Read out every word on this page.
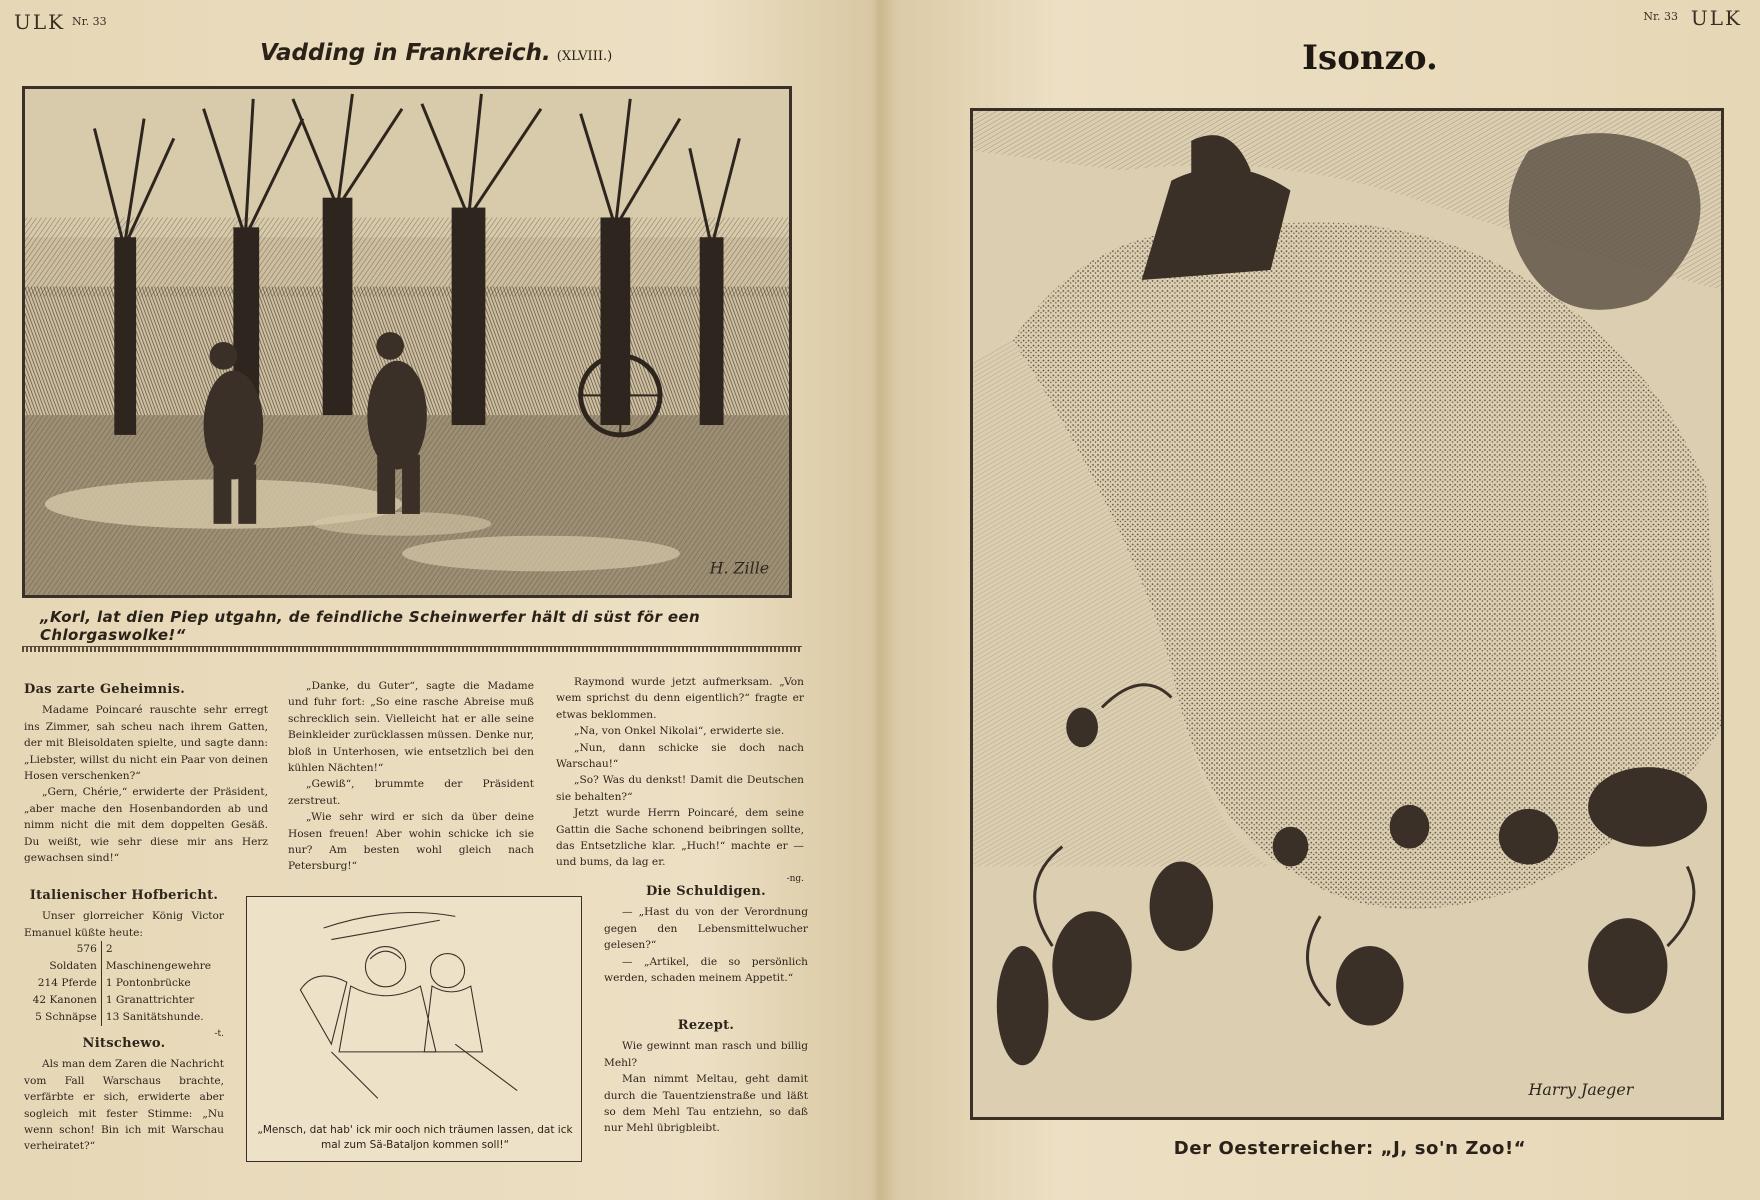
ULK Nr. 33
Vadding in Frankreich. (XLVIII.)
H. Zille
„Korl, lat dien Piep utgahn, de feindliche Scheinwerfer hält di süst för een Chlorgaswolke!“
Das zarte Geheimnis.

Madame Poincaré rauschte sehr erregt ins Zimmer, sah scheu nach ihrem Gatten, der mit Bleisoldaten spielte, und sagte dann: „Liebster, willst du nicht ein Paar von deinen Hosen verschenken?“

„Gern, Chérie,“ erwiderte der Präsident, „aber mache den Hosenbandorden ab und nimm nicht die mit dem doppelten Gesäß. Du weißt, wie sehr diese mir ans Herz gewachsen sind!“

„Danke, du Guter“, sagte die Madame und fuhr fort: „So eine rasche Abreise muß schrecklich sein. Vielleicht hat er alle seine Beinkleider zurücklassen müssen. Denke nur, bloß in Unterhosen, wie entsetzlich bei den kühlen Nächten!“

„Gewiß“, brummte der Präsident zerstreut.

„Wie sehr wird er sich da über deine Hosen freuen! Aber wohin schicke ich sie nur? Am besten wohl gleich nach Petersburg!“

Raymond wurde jetzt aufmerksam. „Von wem sprichst du denn eigentlich?“ fragte er etwas beklommen.

„Na, von Onkel Nikolai“, erwiderte sie.

„Nun, dann schicke sie doch nach Warschau!“

„So? Was du denkst! Damit die Deutschen sie behalten?“

Jetzt wurde Herrn Poincaré, dem seine Gattin die Sache schonend beibringen sollte, das Entsetzliche klar. „Huch!“ machte er — und bums, da lag er.

-ng.
Italienischer Hofbericht.

Unser glorreicher König Victor Emanuel küßte heute:

576 Soldaten	2 Maschinengewehre
214 Pferde	1 Pontonbrücke
42 Kanonen	1 Granattrichter
5 Schnäpse	13 Sanitätshunde.
-t.
Nitschewo.

Als man dem Zaren die Nachricht vom Fall Warschaus brachte, verfärbte er sich, erwiderte aber sogleich mit fester Stimme: „Nu wenn schon! Bin ich mit Warschau verheiratet?“

„Mensch, dat hab' ick mir ooch nich träumen lassen, dat ick mal zum Sä-Bataljon kommen soll!“
Die Schuldigen.

— „Hast du von der Verordnung gegen den Lebensmittelwucher gelesen?“

— „Artikel, die so persönlich werden, schaden meinem Appetit.“

Rezept.

Wie gewinnt man rasch und billig Mehl?

Man nimmt Meltau, geht damit durch die Tauentzienstraße und läßt so dem Mehl Tau entziehn, so daß nur Mehl übrigbleibt.

Nr. 33 ULK
Isonzo.
Harry Jaeger
Der Oesterreicher: „J, so'n Zoo!“
